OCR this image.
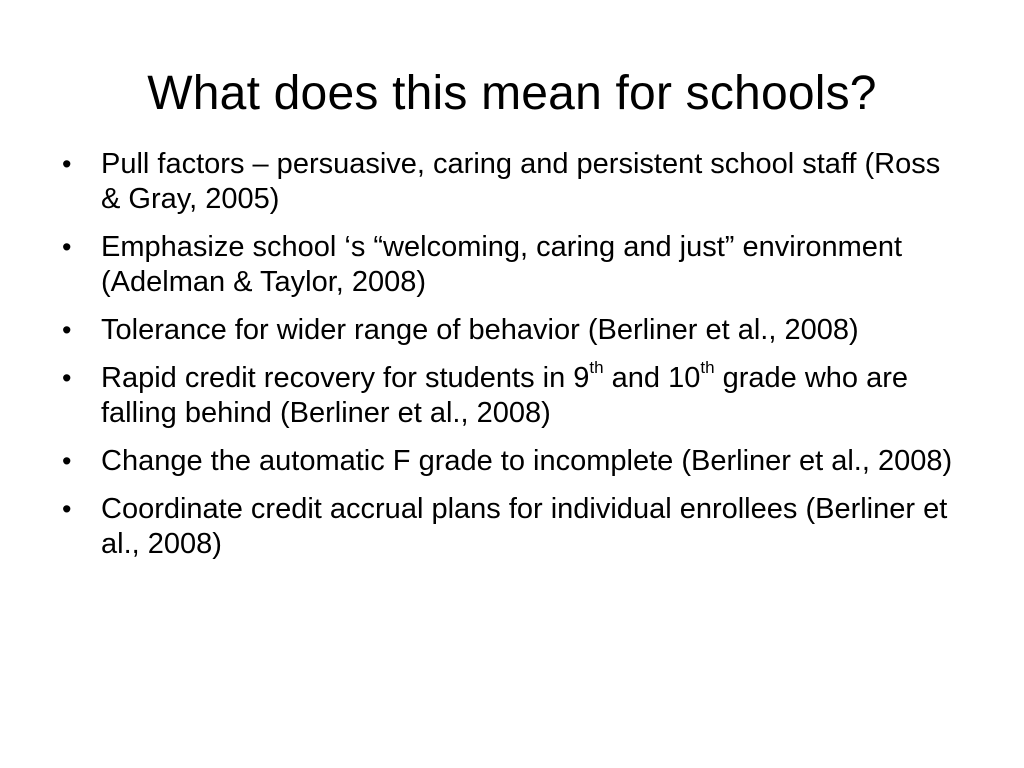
What does this mean for schools?
• Pull factors – persuasive, caring and persistent school staff (Ross & Gray, 2005)
• Emphasize school ‘s “welcoming, caring and just” environment (Adelman & Taylor, 2008)
• Tolerance for wider range of behavior (Berliner et al., 2008)
• Rapid credit recovery for students in 9th and 10th grade who are falling behind (Berliner et al., 2008)
• Change the automatic F grade to incomplete (Berliner et al., 2008)
• Coordinate credit accrual plans for individual enrollees (Berliner et al., 2008)
